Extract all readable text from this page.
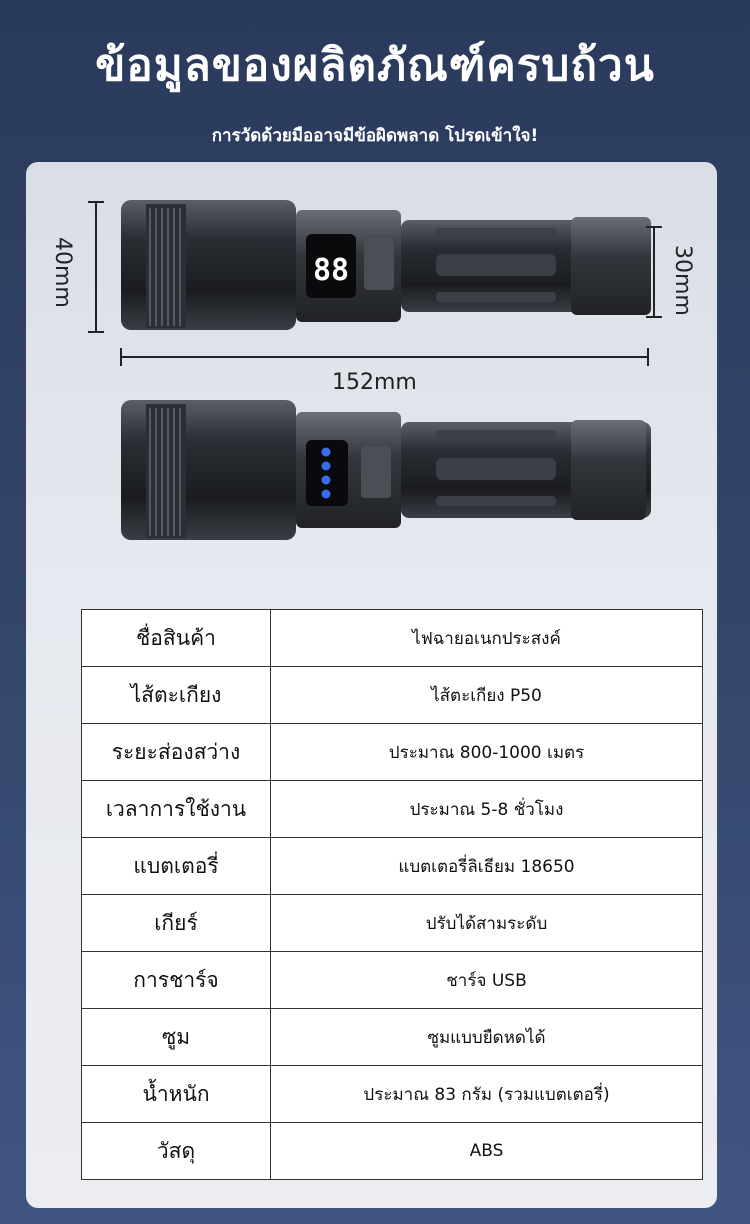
ข้อมูลของผลิตภัณฑ์ครบถ้วน
การวัดด้วยมืออาจมีข้อผิดพลาด โปรดเข้าใจ!
88
40mm	30mm
152mm
ชื่อสินค้า	ไฟฉายอเนกประสงค์
ไส้ตะเกียง	ไส้ตะเกียง P50
ระยะส่องสว่าง	ประมาณ 800-1000 เมตร
เวลาการใช้งาน	ประมาณ 5-8 ชั่วโมง
แบตเตอรี่	แบตเตอรี่ลิเธียม 18650
เกียร์	ปรับได้สามระดับ
การชาร์จ	ชาร์จ USB
ซูม	ซูมแบบยืดหดได้
น้ำหนัก	ประมาณ 83 กรัม (รวมแบตเตอรี่)
วัสดุ	ABS
